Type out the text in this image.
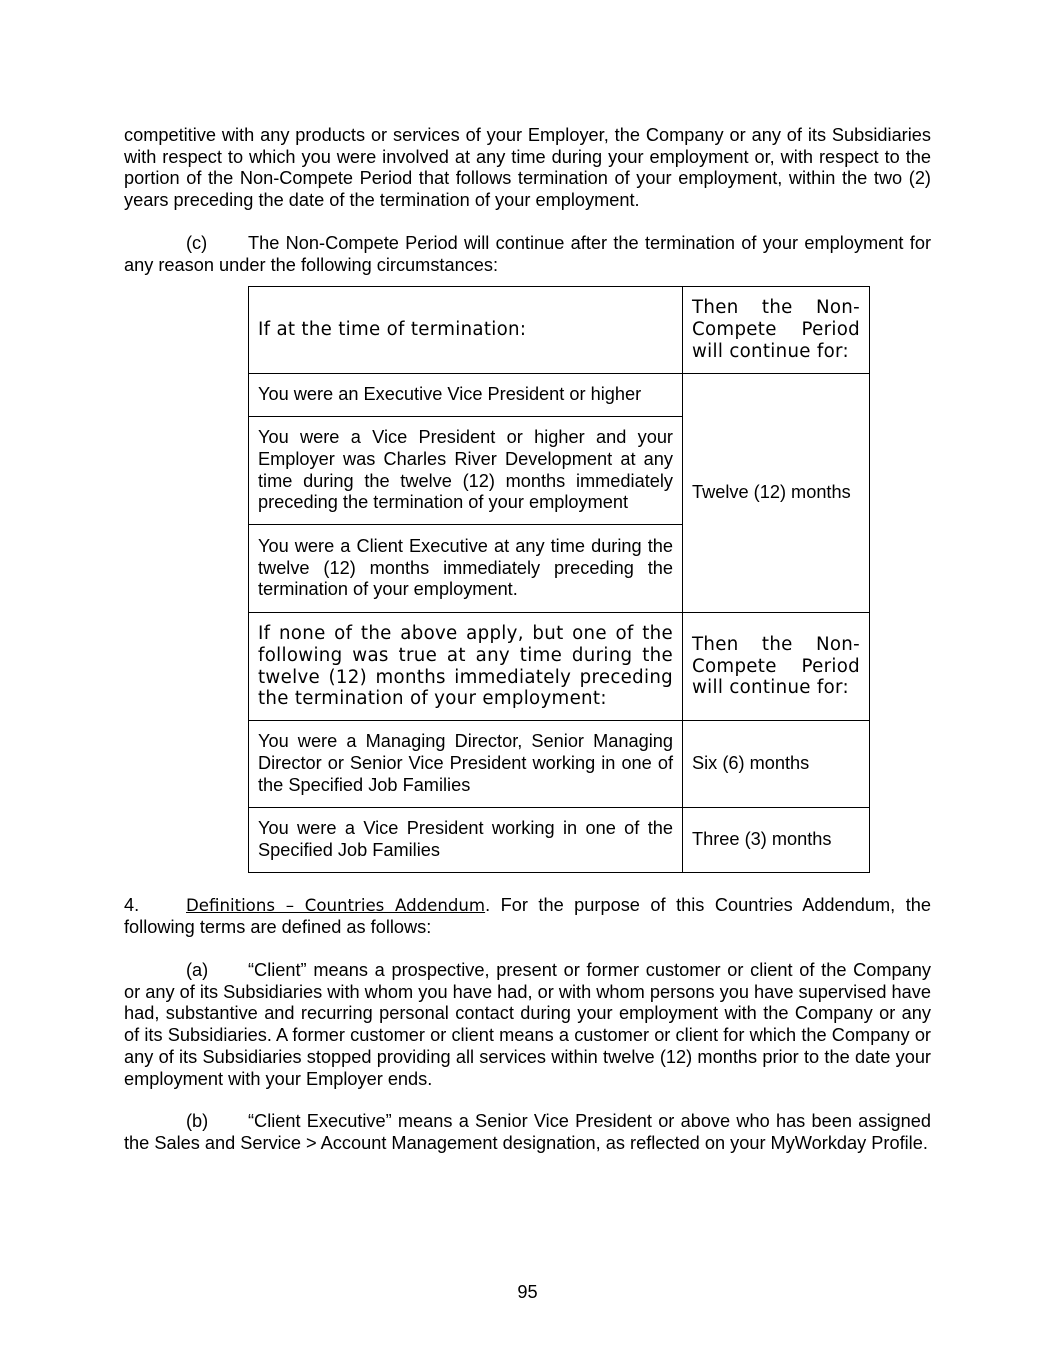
competitive with any products or services of your Employer, the Company or any of its Subsidiaries with respect to which you were involved at any time during your employment or, with respect to the portion of the Non-Compete Period that follows termination of your employment, within the two (2) years preceding the date of the termination of your employment.

(c) The Non-Compete Period will continue after the termination of your employment for any reason under the following circumstances:

If at the time of termination:	Then the Non-Compete Period will continue for:
You were an Executive Vice President or higher	Twelve (12) months
You were a Vice President or higher and your Employer was Charles River Development at any time during the twelve (12) months immediately preceding the termination of your employment	
You were a Client Executive at any time during the twelve (12) months immediately preceding the termination of your employment.	
If none of the above apply, but one of the following was true at any time during the twelve (12) months immediately preceding the termination of your employment:	Then the Non-Compete Period will continue for:
You were a Managing Director, Senior Managing Director or Senior Vice President working in one of the Specified Job Families	Six (6) months
You were a Vice President working in one of the Specified Job Families	Three (3) months

4.	Definitions – Countries Addendum. For the purpose of this Countries Addendum, the following terms are defined as follows:

(a) “Client” means a prospective, present or former customer or client of the Company or any of its Subsidiaries with whom you have had, or with whom persons you have supervised have had, substantive and recurring personal contact during your employment with the Company or any of its Subsidiaries. A former customer or client means a customer or client for which the Company or any of its Subsidiaries stopped providing all services within twelve (12) months prior to the date your employment with your Employer ends.

(b) “Client Executive” means a Senior Vice President or above who has been assigned the Sales and Service > Account Management designation, as reflected on your MyWorkday Profile.

95
